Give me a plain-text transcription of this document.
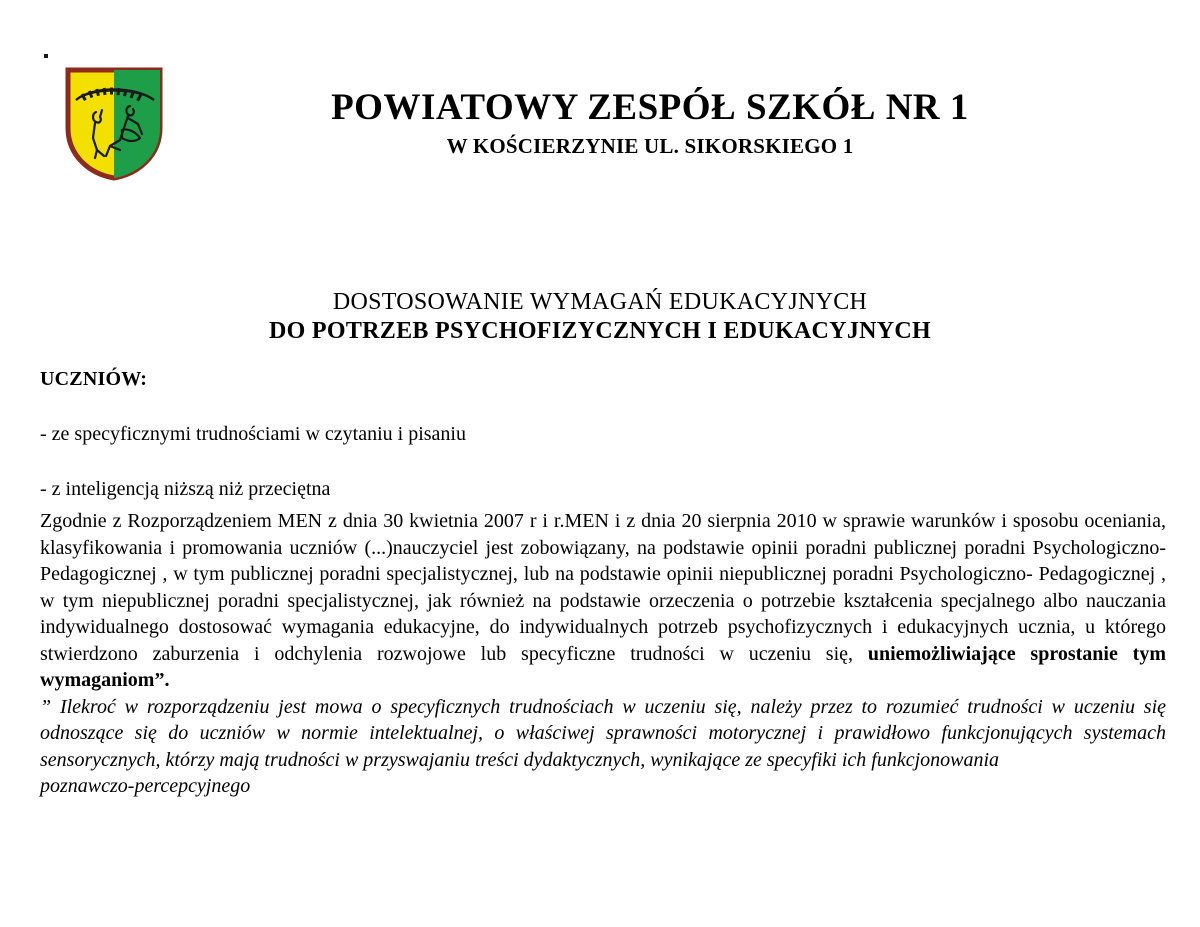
POWIATOWY ZESPÓŁ SZKÓŁ NR 1
W KOŚCIERZYNIE UL. SIKORSKIEGO 1
DOSTOSOWANIE WYMAGAŃ EDUKACYJNYCH
DO POTRZEB PSYCHOFIZYCZNYCH I EDUKACYJNYCH
UCZNIÓW:
- ze specyficznymi trudnościami w czytaniu i pisaniu
- z inteligencją niższą niż przeciętna

Zgodnie z Rozporządzeniem MEN z dnia 30 kwietnia 2007 r i r.MEN i z dnia 20 sierpnia 2010 w sprawie warunków i sposobu oceniania, klasyfikowania i promowania uczniów (...)nauczyciel jest zobowiązany, na podstawie opinii poradni publicznej poradni Psychologiczno- Pedagogicznej , w tym publicznej poradni specjalistycznej, lub na podstawie opinii niepublicznej poradni Psychologiczno- Pedagogicznej , w tym niepublicznej poradni specjalistycznej, jak również na podstawie orzeczenia o potrzebie kształcenia specjalnego albo nauczania indywidualnego dostosować wymagania edukacyjne, do indywidualnych potrzeb psychofizycznych i edukacyjnych ucznia, u którego stwierdzono zaburzenia i odchylenia rozwojowe lub specyficzne trudności w uczeniu się, uniemożliwiające sprostanie tym wymaganiom”.

” Ilekroć w rozporządzeniu jest mowa o specyficznych trudnościach w uczeniu się, należy przez to rozumieć trudności w uczeniu się odnoszące się do uczniów w normie intelektualnej, o właściwej sprawności motorycznej i prawidłowo funkcjonujących systemach sensorycznych, którzy mają trudności w przyswajaniu treści dydaktycznych, wynikające ze specyfiki ich funkcjonowania

poznawczo-percepcyjnego
